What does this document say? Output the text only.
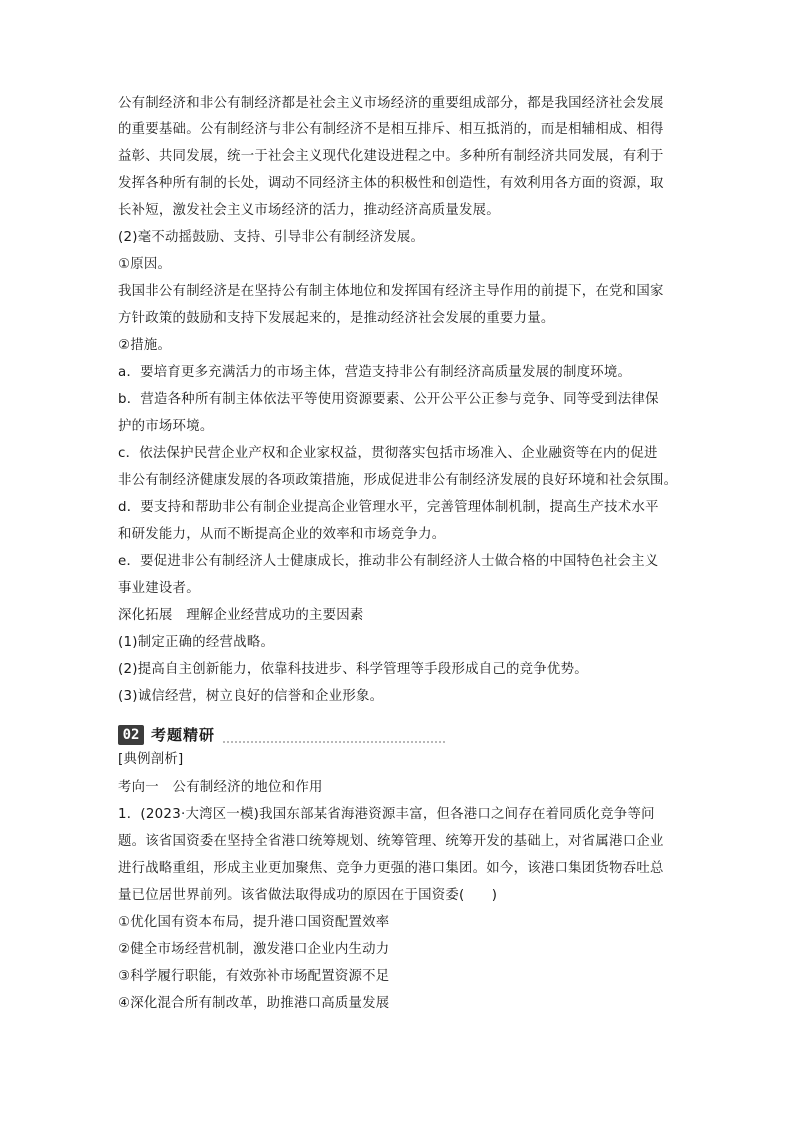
公有制经济和非公有制经济都是社会主义市场经济的重要组成部分，都是我国经济社会发展
的重要基础。公有制经济与非公有制经济不是相互排斥、相互抵消的，而是相辅相成、相得
益彰、共同发展，统一于社会主义现代化建设进程之中。多种所有制经济共同发展，有利于
发挥各种所有制的长处，调动不同经济主体的积极性和创造性，有效利用各方面的资源，取
长补短，激发社会主义市场经济的活力，推动经济高质量发展。
(2)毫不动摇鼓励、支持、引导非公有制经济发展。
①原因。
我国非公有制经济是在坚持公有制主体地位和发挥国有经济主导作用的前提下，在党和国家
方针政策的鼓励和支持下发展起来的，是推动经济社会发展的重要力量。
②措施。
a．要培育更多充满活力的市场主体，营造支持非公有制经济高质量发展的制度环境。
b．营造各种所有制主体依法平等使用资源要素、公开公平公正参与竞争、同等受到法律保
护的市场环境。
c．依法保护民营企业产权和企业家权益，贯彻落实包括市场准入、企业融资等在内的促进
非公有制经济健康发展的各项政策措施，形成促进非公有制经济发展的良好环境和社会氛围。
d．要支持和帮助非公有制企业提高企业管理水平，完善管理体制机制，提高生产技术水平
和研发能力，从而不断提高企业的效率和市场竞争力。
e．要促进非公有制经济人士健康成长，推动非公有制经济人士做合格的中国特色社会主义
事业建设者。
深化拓展　理解企业经营成功的主要因素
(1)制定正确的经营战略。
(2)提高自主创新能力，依靠科技进步、科学管理等手段形成自己的竞争优势。
(3)诚信经营，树立良好的信誉和企业形象。
02 考题精研
[典例剖析]
考向一　公有制经济的地位和作用
1．(2023·大湾区一模)我国东部某省海港资源丰富，但各港口之间存在着同质化竞争等问
题。该省国资委在坚持全省港口统筹规划、统筹管理、统筹开发的基础上，对省属港口企业
进行战略重组，形成主业更加聚焦、竞争力更强的港口集团。如今，该港口集团货物吞吐总
量已位居世界前列。该省做法取得成功的原因在于国资委(　　)
①优化国有资本布局，提升港口国资配置效率
②健全市场经营机制，激发港口企业内生动力
③科学履行职能，有效弥补市场配置资源不足
④深化混合所有制改革，助推港口高质量发展
